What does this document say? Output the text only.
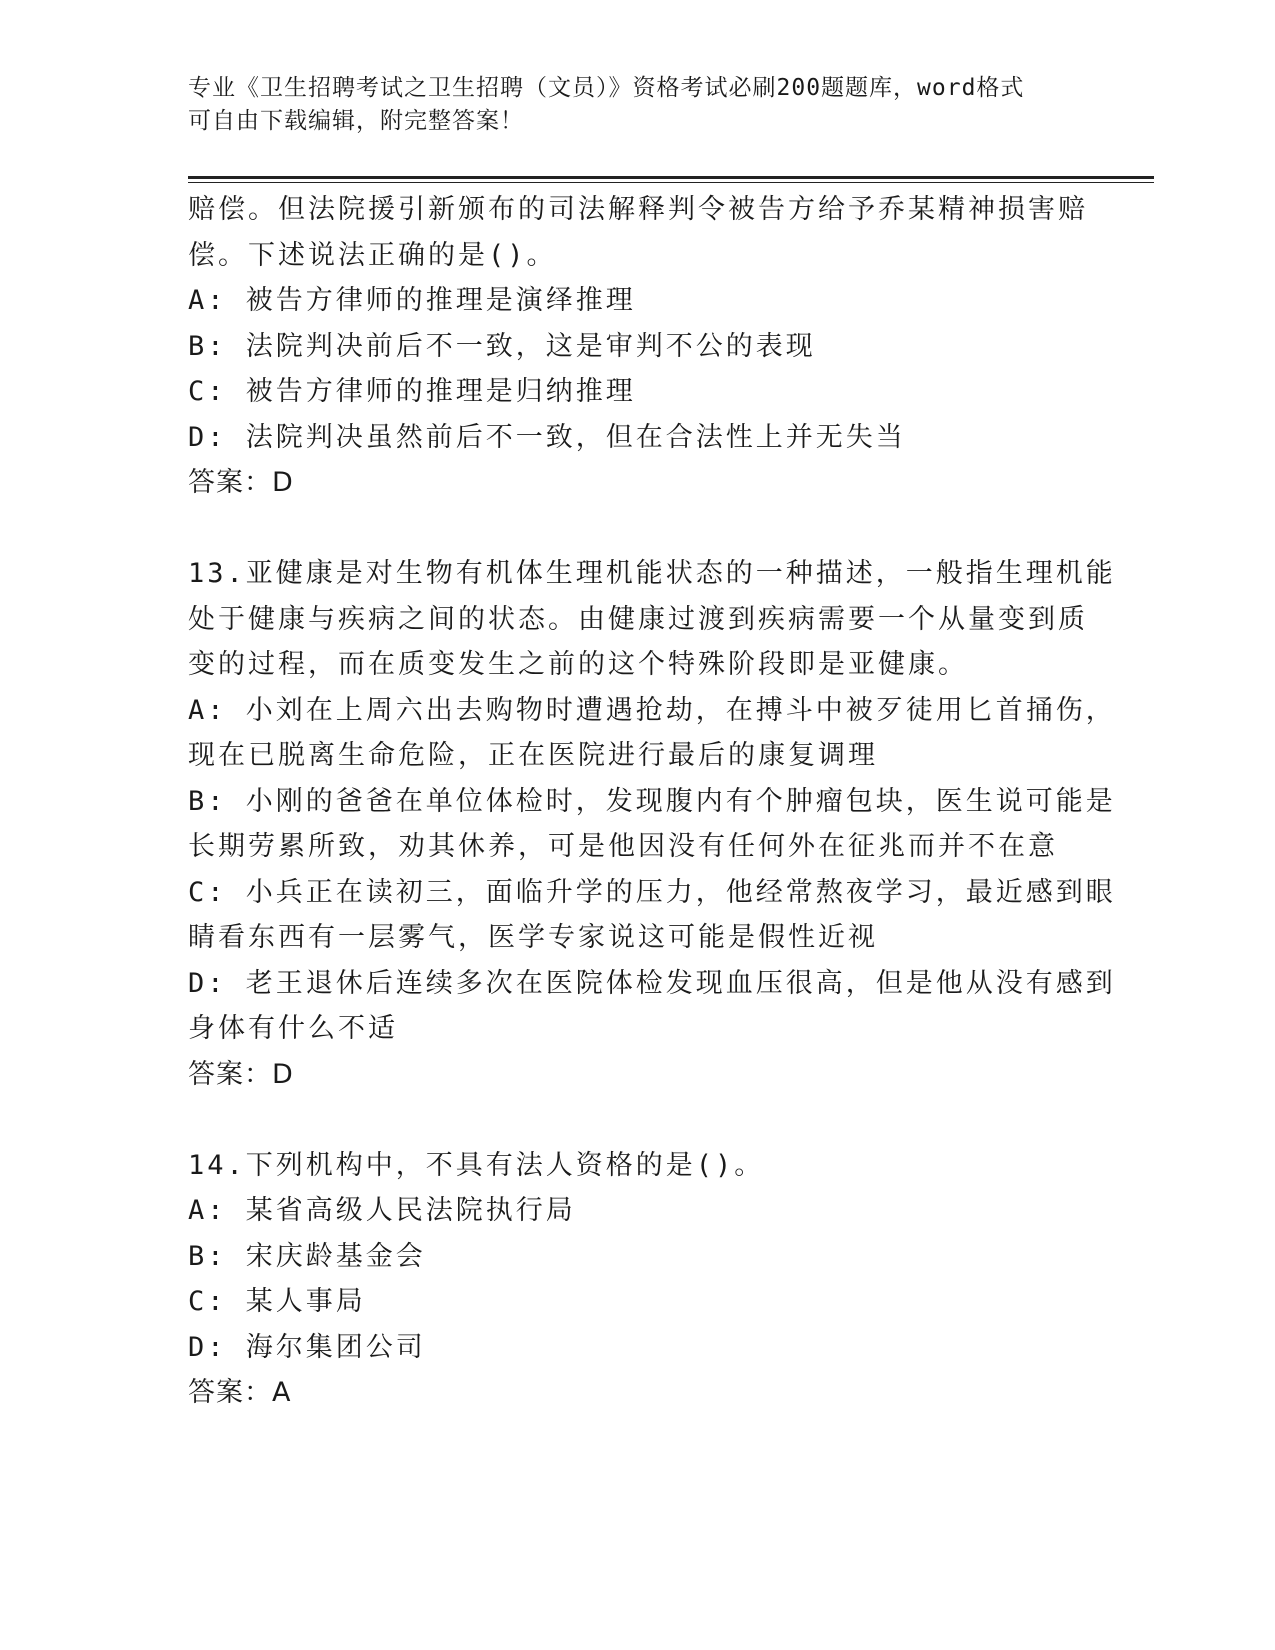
专业《卫生招聘考试之卫生招聘（文员）》资格考试必刷200题题库，word格式
可自由下载编辑，附完整答案！
赔偿。但法院援引新颁布的司法解释判令被告方给予乔某精神损害赔
偿。下述说法正确的是()。
A: 被告方律师的推理是演绎推理
B: 法院判决前后不一致，这是审判不公的表现
C: 被告方律师的推理是归纳推理
D: 法院判决虽然前后不一致，但在合法性上并无失当
答案：D
13.亚健康是对生物有机体生理机能状态的一种描述，一般指生理机能
处于健康与疾病之间的状态。由健康过渡到疾病需要一个从量变到质
变的过程，而在质变发生之前的这个特殊阶段即是亚健康。
A: 小刘在上周六出去购物时遭遇抢劫，在搏斗中被歹徒用匕首捅伤，
现在已脱离生命危险，正在医院进行最后的康复调理
B: 小刚的爸爸在单位体检时，发现腹内有个肿瘤包块，医生说可能是
长期劳累所致，劝其休养，可是他因没有任何外在征兆而并不在意
C: 小兵正在读初三，面临升学的压力，他经常熬夜学习，最近感到眼
睛看东西有一层雾气，医学专家说这可能是假性近视
D: 老王退休后连续多次在医院体检发现血压很高，但是他从没有感到
身体有什么不适
答案：D
14.下列机构中，不具有法人资格的是()。
A: 某省高级人民法院执行局
B: 宋庆龄基金会
C: 某人事局
D: 海尔集团公司
答案：A
